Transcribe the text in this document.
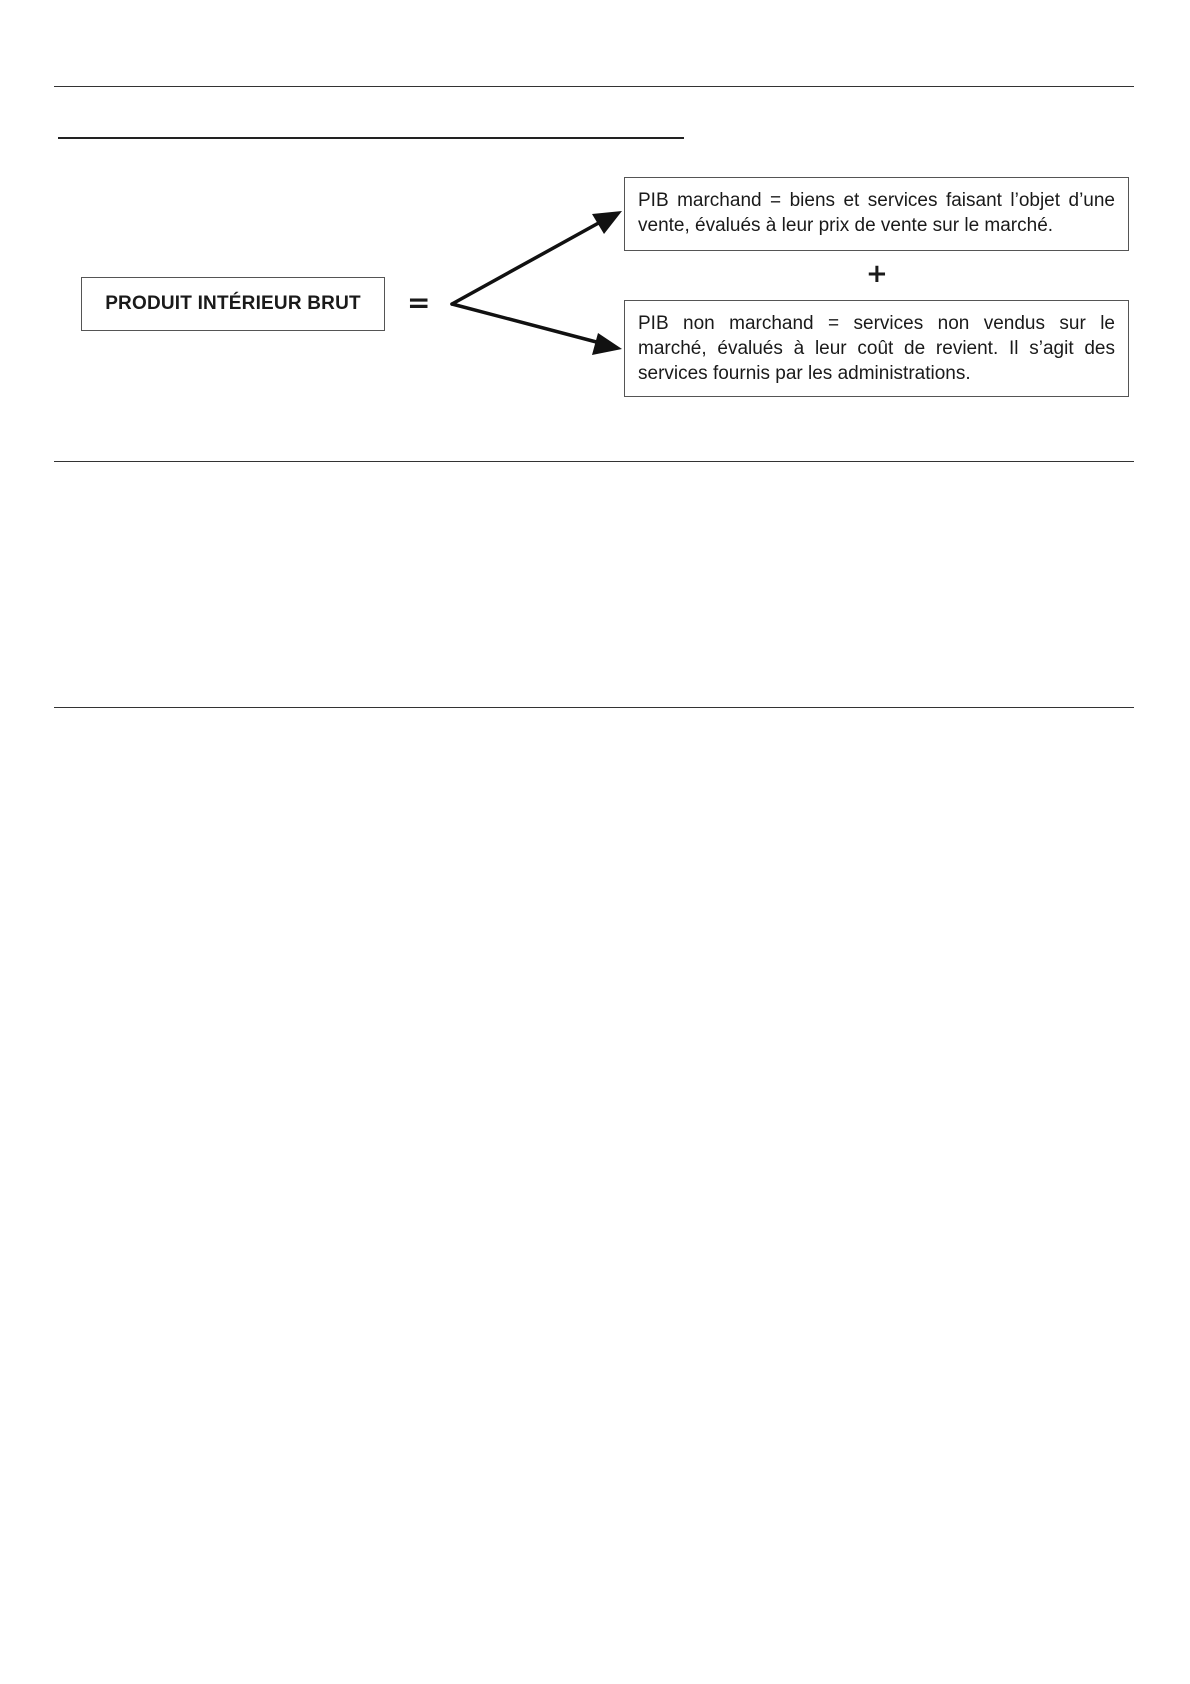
PRODUIT INTÉRIEUR BRUT =
PIB marchand = biens et services faisant l’objet d’une vente, évalués à leur prix de vente sur le marché.
+
PIB non marchand = services non vendus sur le marché, évalués à leur coût de revient. Il s’agit des services fournis par les administrations.
